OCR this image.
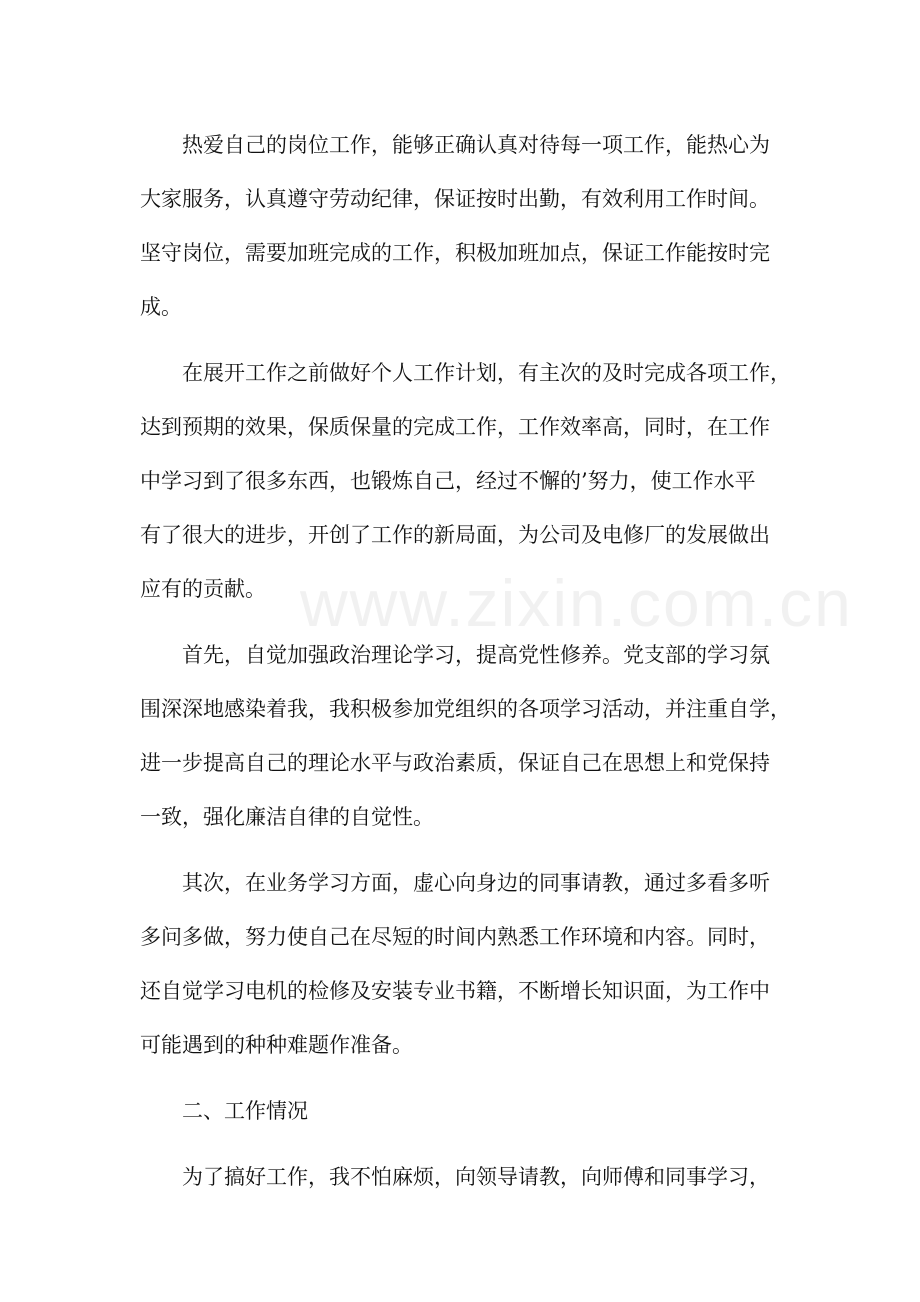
www.zixin.com.cn
热爱自己的岗位工作，能够正确认真对待每一项工作，能热心为
大家服务，认真遵守劳动纪律，保证按时出勤，有效利用工作时间。
坚守岗位，需要加班完成的工作，积极加班加点，保证工作能按时完
成。
在展开工作之前做好个人工作计划，有主次的及时完成各项工作，
达到预期的效果，保质保量的完成工作，工作效率高，同时，在工作
中学习到了很多东西，也锻炼自己，经过不懈的’努力，使工作水平
有了很大的进步，开创了工作的新局面，为公司及电修厂的发展做出
应有的贡献。
首先，自觉加强政治理论学习，提高党性修养。党支部的学习氛
围深深地感染着我，我积极参加党组织的各项学习活动，并注重自学，
进一步提高自己的理论水平与政治素质，保证自己在思想上和党保持
一致，强化廉洁自律的自觉性。
其次，在业务学习方面，虚心向身边的同事请教，通过多看多听
多问多做，努力使自己在尽短的时间内熟悉工作环境和内容。同时，
还自觉学习电机的检修及安装专业书籍，不断增长知识面，为工作中
可能遇到的种种难题作准备。
二、工作情况
为了搞好工作，我不怕麻烦，向领导请教，向师傅和同事学习，
